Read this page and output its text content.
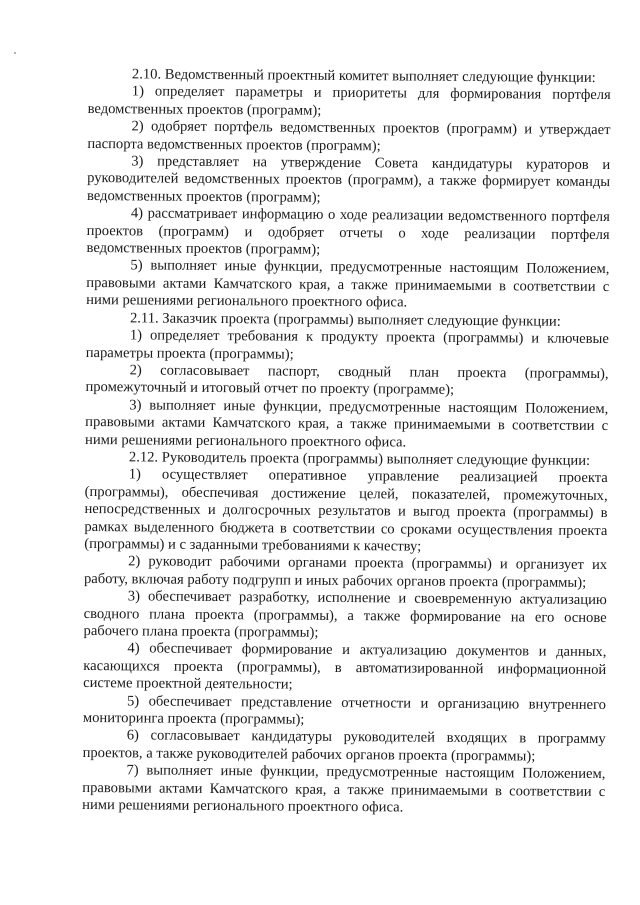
2.10. Ведомственный проектный комитет выполняет следующие функции:

1) определяет параметры и приоритеты для формирования портфеля ведомственных проектов (программ);

2) одобряет портфель ведомственных проектов (программ) и утверждает паспорта ведомственных проектов (программ);

3) представляет на утверждение Совета кандидатуры кураторов и руководителей ведомственных проектов (программ), а также формирует команды ведомственных проектов (программ);

4) рассматривает информацию о ходе реализации ведомственного портфеля проектов (программ) и одобряет отчеты о ходе реализации портфеля ведомственных проектов (программ);

5) выполняет иные функции, предусмотренные настоящим Положением, правовыми актами Камчатского края, а также принимаемыми в соответствии с ними решениями регионального проектного офиса.

2.11. Заказчик проекта (программы) выполняет следующие функции:

1) определяет требования к продукту проекта (программы) и ключевые параметры проекта (программы);

2) согласовывает паспорт, сводный план проекта (программы), промежуточный и итоговый отчет по проекту (программе);

3) выполняет иные функции, предусмотренные настоящим Положением, правовыми актами Камчатского края, а также принимаемыми в соответствии с ними решениями регионального проектного офиса.

2.12. Руководитель проекта (программы) выполняет следующие функции:

1) осуществляет оперативное управление реализацией проекта (программы), обеспечивая достижение целей, показателей, промежуточных, непосредственных и долгосрочных результатов и выгод проекта (программы) в рамках выделенного бюджета в соответствии со сроками осуществления проекта (программы) и с заданными требованиями к качеству;

2) руководит рабочими органами проекта (программы) и организует их работу, включая работу подгрупп и иных рабочих органов проекта (программы);

3) обеспечивает разработку, исполнение и своевременную актуализацию сводного плана проекта (программы), а также формирование на его основе рабочего плана проекта (программы);

4) обеспечивает формирование и актуализацию документов и данных, касающихся проекта (программы), в автоматизированной информационной системе проектной деятельности;

5) обеспечивает представление отчетности и организацию внутреннего мониторинга проекта (программы);

6) согласовывает кандидатуры руководителей входящих в программу проектов, а также руководителей рабочих органов проекта (программы);

7) выполняет иные функции, предусмотренные настоящим Положением, правовыми актами Камчатского края, а также принимаемыми в соответствии с ними решениями регионального проектного офиса.
